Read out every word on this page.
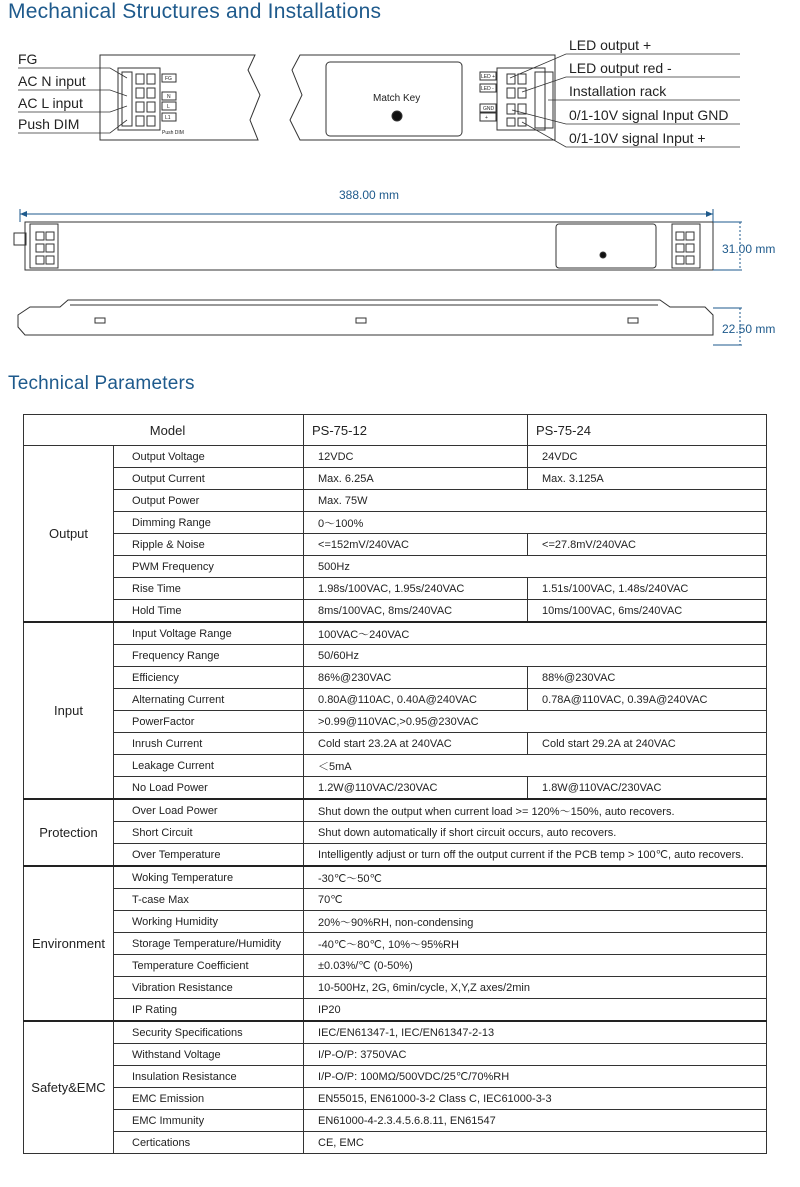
Mechanical Structures and Installations
FG
N
L
L1
Push DIM
LED +
LED -
GND
+
Match Key
FG
AC N input
AC L input
Push DIM
LED output +
LED output red -
Installation rack
0/1-10V signal Input GND
0/1-10V signal Input +
388.00 mm
31.00 mm
22.50 mm
Technical Parameters
Model		PS-75-12	PS-75-24
Output	Output Voltage	12VDC	24VDC
	Output Current	Max. 6.25A	Max. 3.125A
	Output Power	Max. 75W	
	Dimming Range	0～100%	
	Ripple & Noise	<=152mV/240VAC	<=27.8mV/240VAC
	PWM Frequency	500Hz	
	Rise Time	1.98s/100VAC, 1.95s/240VAC	1.51s/100VAC, 1.48s/240VAC
	Hold Time	8ms/100VAC, 8ms/240VAC	10ms/100VAC, 6ms/240VAC
Input	Input Voltage Range	100VAC～240VAC	
	Frequency Range	50/60Hz	
	Efficiency	86%@230VAC	88%@230VAC
	Alternating Current	0.80A@110AC, 0.40A@240VAC	0.78A@110VAC, 0.39A@240VAC
	PowerFactor	>0.99@110VAC,>0.95@230VAC	
	Inrush Current	Cold start 23.2A at 240VAC	Cold start 29.2A at 240VAC
	Leakage Current	＜5mA	
	No Load Power	1.2W@110VAC/230VAC	1.8W@110VAC/230VAC
Protection	Over Load Power	Shut down the output when current load >= 120%～150%, auto recovers.	
	Short Circuit	Shut down automatically if short circuit occurs, auto recovers.	
	Over Temperature	Intelligently adjust or turn off the output current if the PCB temp > 100℃, auto recovers.	
Environment	Woking Temperature	-30℃～50℃	
	T-case Max	70℃	
	Working Humidity	20%～90%RH, non-condensing	
	Storage Temperature/Humidity	-40℃～80℃, 10%～95%RH	
	Temperature Coefficient	±0.03%/℃ (0-50%)	
	Vibration Resistance	10-500Hz, 2G, 6min/cycle, X,Y,Z axes/2min	
	IP Rating	IP20	
Safety&EMC	Security Specifications	IEC/EN61347-1, IEC/EN61347-2-13	
	Withstand Voltage	I/P-O/P: 3750VAC	
	Insulation Resistance	I/P-O/P: 100MΩ/500VDC/25℃/70%RH	
	EMC Emission	EN55015, EN61000-3-2 Class C, IEC61000-3-3	
	EMC Immunity	EN61000-4-2.3.4.5.6.8.11, EN61547	
	Certications	CE, EMC	
